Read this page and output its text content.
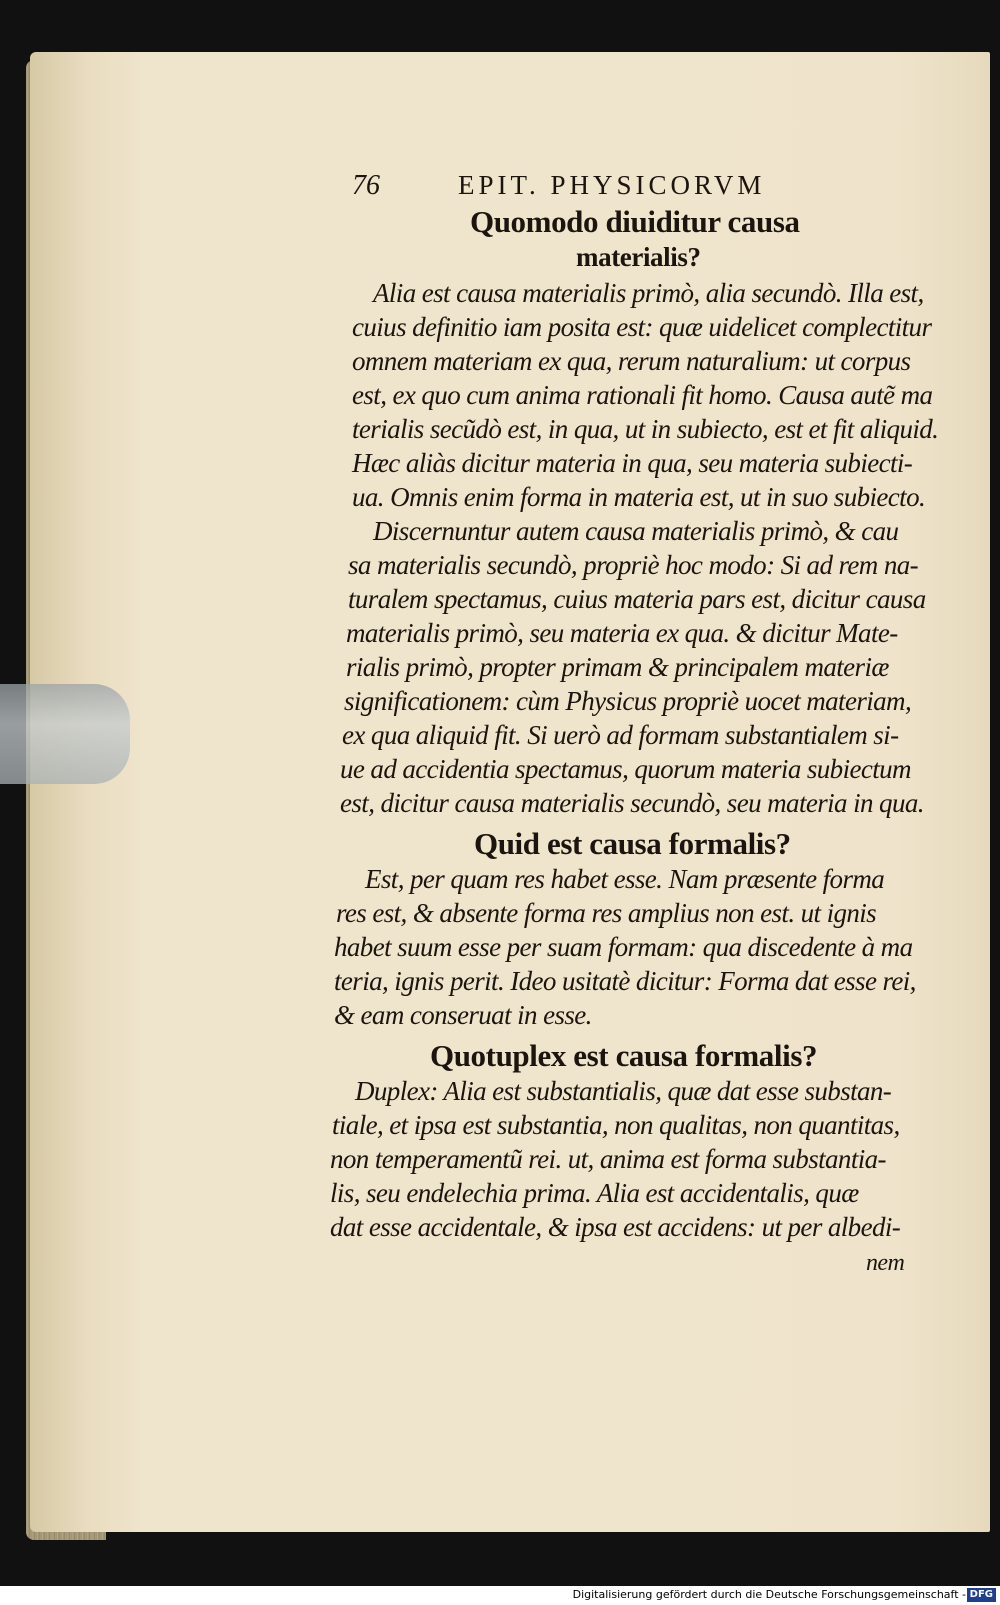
76	EPIT. PHYSICORVM
Quomodo diuiditur causa
materialis?
Alia est causa materialis primò, alia secundò. Illa est,
cuius definitio iam posita est: quæ uidelicet complectitur
omnem materiam ex qua, rerum naturalium: ut corpus
est, ex quo cum anima rationali fit homo. Causa autẽ ma
terialis secũdò est, in qua, ut in subiecto, est et fit aliquid.
Hæc aliàs dicitur materia in qua, seu materia subiecti-
ua. Omnis enim forma in materia est, ut in suo subiecto.
Discernuntur autem causa materialis primò, & cau
sa materialis secundò, propriè hoc modo: Si ad rem na-
turalem spectamus, cuius materia pars est, dicitur causa
materialis primò, seu materia ex qua. & dicitur Mate-
rialis primò, propter primam & principalem materiæ
significationem: cùm Physicus propriè uocet materiam,
ex qua aliquid fit. Si uerò ad formam substantialem si-
ue ad accidentia spectamus, quorum materia subiectum
est, dicitur causa materialis secundò, seu materia in qua.
Quid est causa formalis?
Est, per quam res habet esse. Nam præsente forma
res est, & absente forma res amplius non est. ut ignis
habet suum esse per suam formam: qua discedente à ma
teria, ignis perit. Ideo usitatè dicitur: Forma dat esse rei,
& eam conseruat in esse.
Quotuplex est causa formalis?
Duplex: Alia est substantialis, quæ dat esse substan-
tiale, et ipsa est substantia, non qualitas, non quantitas,
non temperamentũ rei. ut, anima est forma substantia-
lis, seu endelechia prima. Alia est accidentalis, quæ
dat esse accidentale, & ipsa est accidens: ut per albedi-
nem
Digitalisierung gefördert durch die Deutsche Forschungsgemeinschaft - DFG
